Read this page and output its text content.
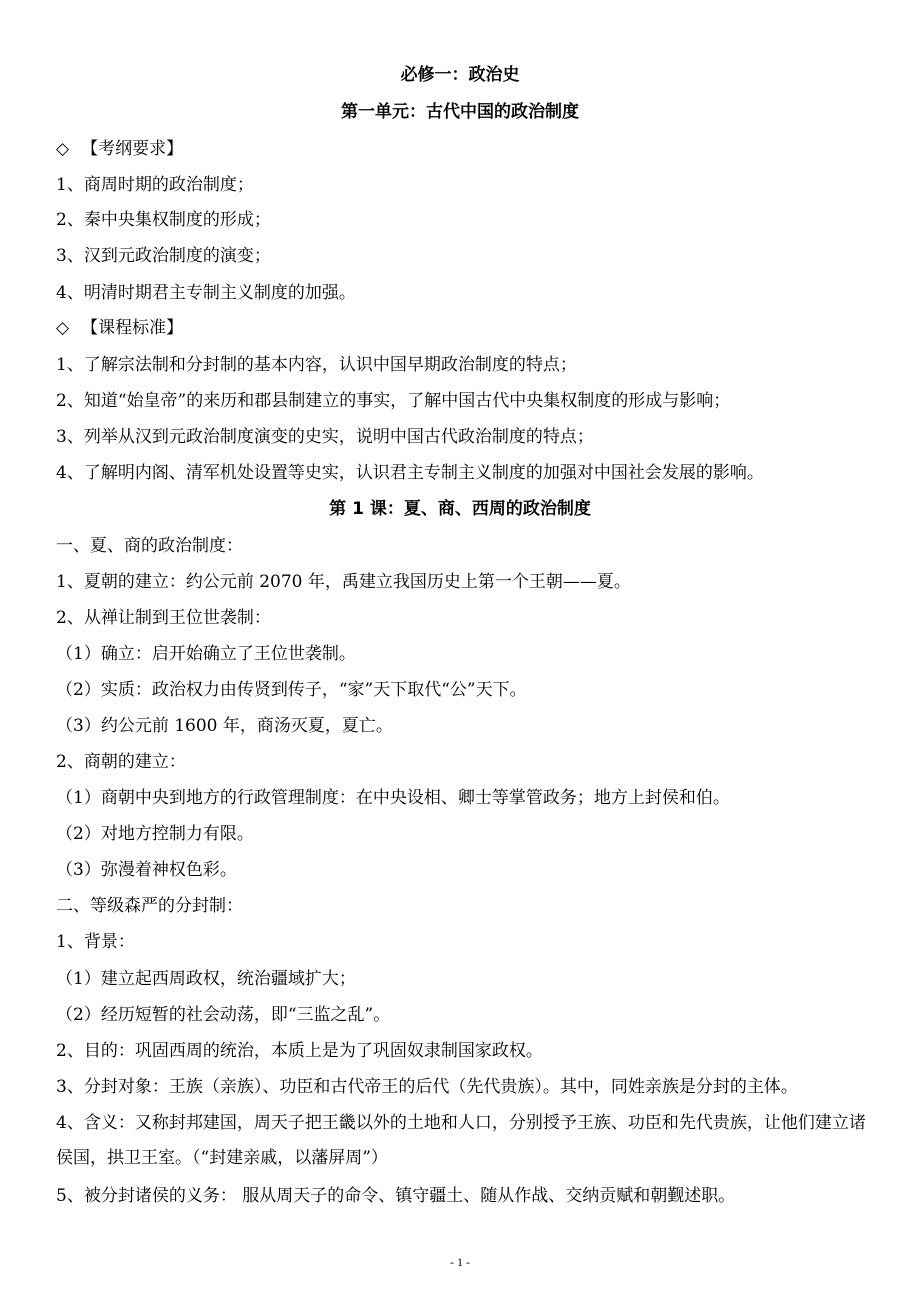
必修一：政治史
第一单元：古代中国的政治制度
◇ 【考纲要求】
1、商周时期的政治制度；
2、秦中央集权制度的形成；
3、汉到元政治制度的演变；
4、明清时期君主专制主义制度的加强。
◇ 【课程标准】
1、了解宗法制和分封制的基本内容，认识中国早期政治制度的特点；
2、知道“始皇帝”的来历和郡县制建立的事实，了解中国古代中央集权制度的形成与影响；
3、列举从汉到元政治制度演变的史实，说明中国古代政治制度的特点；
4、了解明内阁、清军机处设置等史实，认识君主专制主义制度的加强对中国社会发展的影响。
第 1 课：夏、商、西周的政治制度
一、夏、商的政治制度：
1、夏朝的建立：约公元前 2070 年，禹建立我国历史上第一个王朝——夏。
2、从禅让制到王位世袭制：
（1）确立：启开始确立了王位世袭制。
（2）实质：政治权力由传贤到传子，“家”天下取代“公”天下。
（3）约公元前 1600 年，商汤灭夏，夏亡。
2、商朝的建立：
（1）商朝中央到地方的行政管理制度：在中央设相、卿士等掌管政务；地方上封侯和伯。
（2）对地方控制力有限。
（3）弥漫着神权色彩。
二、等级森严的分封制：
1、背景：
（1）建立起西周政权，统治疆域扩大；
（2）经历短暂的社会动荡，即“三监之乱”。
2、目的：巩固西周的统治，本质上是为了巩固奴隶制国家政权。
3、分封对象：王族（亲族）、功臣和古代帝王的后代（先代贵族）。其中，同姓亲族是分封的主体。
4、含义：又称封邦建国，周天子把王畿以外的土地和人口，分别授予王族、功臣和先代贵族，让他们建立诸侯国，拱卫王室。（“封建亲戚，以藩屏周”）
5、被分封诸侯的义务： 服从周天子的命令、镇守疆土、随从作战、交纳贡赋和朝觐述职。
- 1 -
